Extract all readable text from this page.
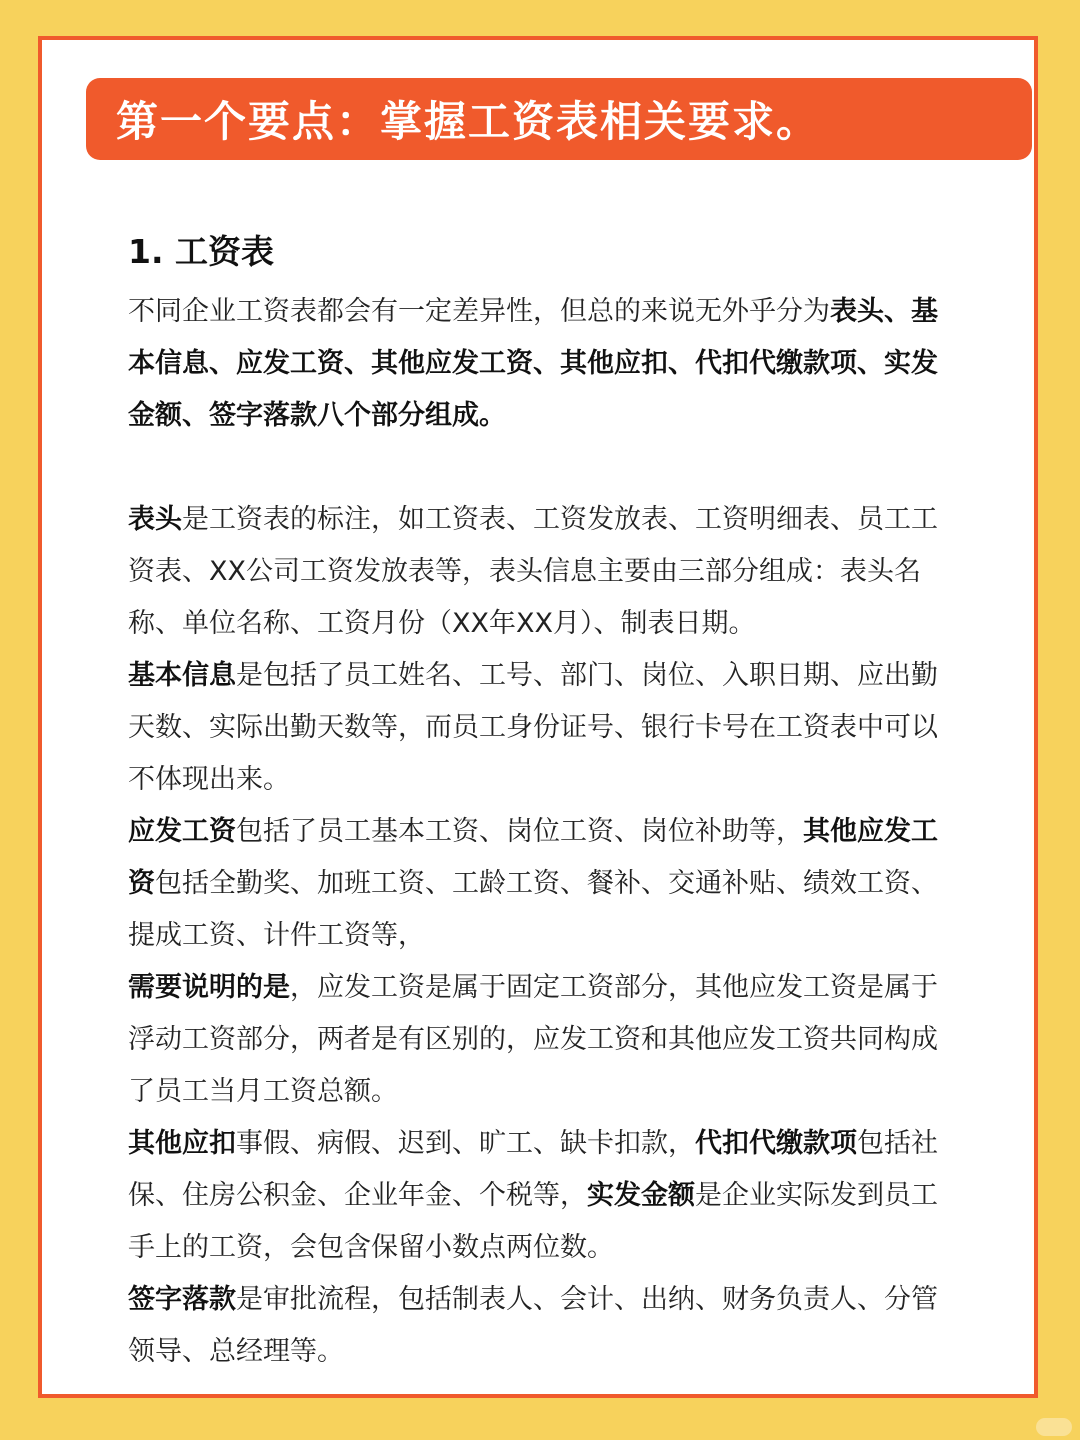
第一个要点：掌握工资表相关要求。
1. 工资表

不同企业工资表都会有一定差异性，但总的来说无外乎分为表头、基本信息、应发工资、其他应发工资、其他应扣、代扣代缴款项、实发金额、签字落款八个部分组成。

表头是工资表的标注，如工资表、工资发放表、工资明细表、员工工资表、XX公司工资发放表等，表头信息主要由三部分组成：表头名称、单位名称、工资月份（XX年XX月）、制表日期。

基本信息是包括了员工姓名、工号、部门、岗位、入职日期、应出勤天数、实际出勤天数等，而员工身份证号、银行卡号在工资表中可以不体现出来。

应发工资包括了员工基本工资、岗位工资、岗位补助等，其他应发工资包括全勤奖、加班工资、工龄工资、餐补、交通补贴、绩效工资、提成工资、计件工资等，

需要说明的是，应发工资是属于固定工资部分，其他应发工资是属于浮动工资部分，两者是有区别的，应发工资和其他应发工资共同构成了员工当月工资总额。

其他应扣事假、病假、迟到、旷工、缺卡扣款，代扣代缴款项包括社保、住房公积金、企业年金、个税等，实发金额是企业实际发到员工手上的工资，会包含保留小数点两位数。

签字落款是审批流程，包括制表人、会计、出纳、财务负责人、分管领导、总经理等。
